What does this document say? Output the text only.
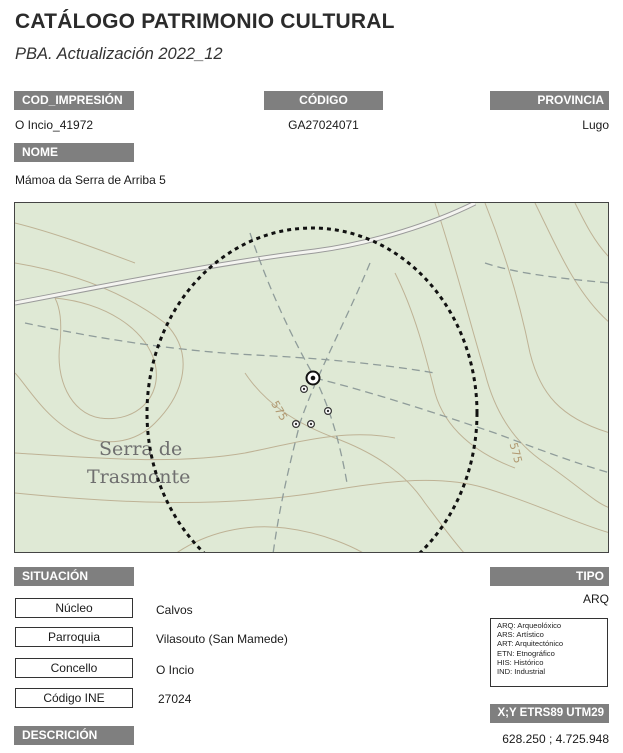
CATÁLOGO PATRIMONIO CULTURAL
PBA. Actualización 2022_12
COD_IMPRESIÓN	CÓDIGO	PROVINCIA
O Incio_41972	GA27024071	Lugo
NOME
Mámoa da Serra de Arriba 5
575
575
Serra de
Trasmonte
SITUACIÓN
Núcleo	Calvos
Parroquia	Vilasouto (San Mamede)
Concello	O Incio
Código INE	27024
TIPO
ARQ
ARQ: Arqueolóxico
ARS: Artístico
ART: Arquitectónico
ETN: Etnográfico
HIS: Histórico
IND: Industrial
X;Y ETRS89 UTM29
628.250 ; 4.725.948
DESCRICIÓN
